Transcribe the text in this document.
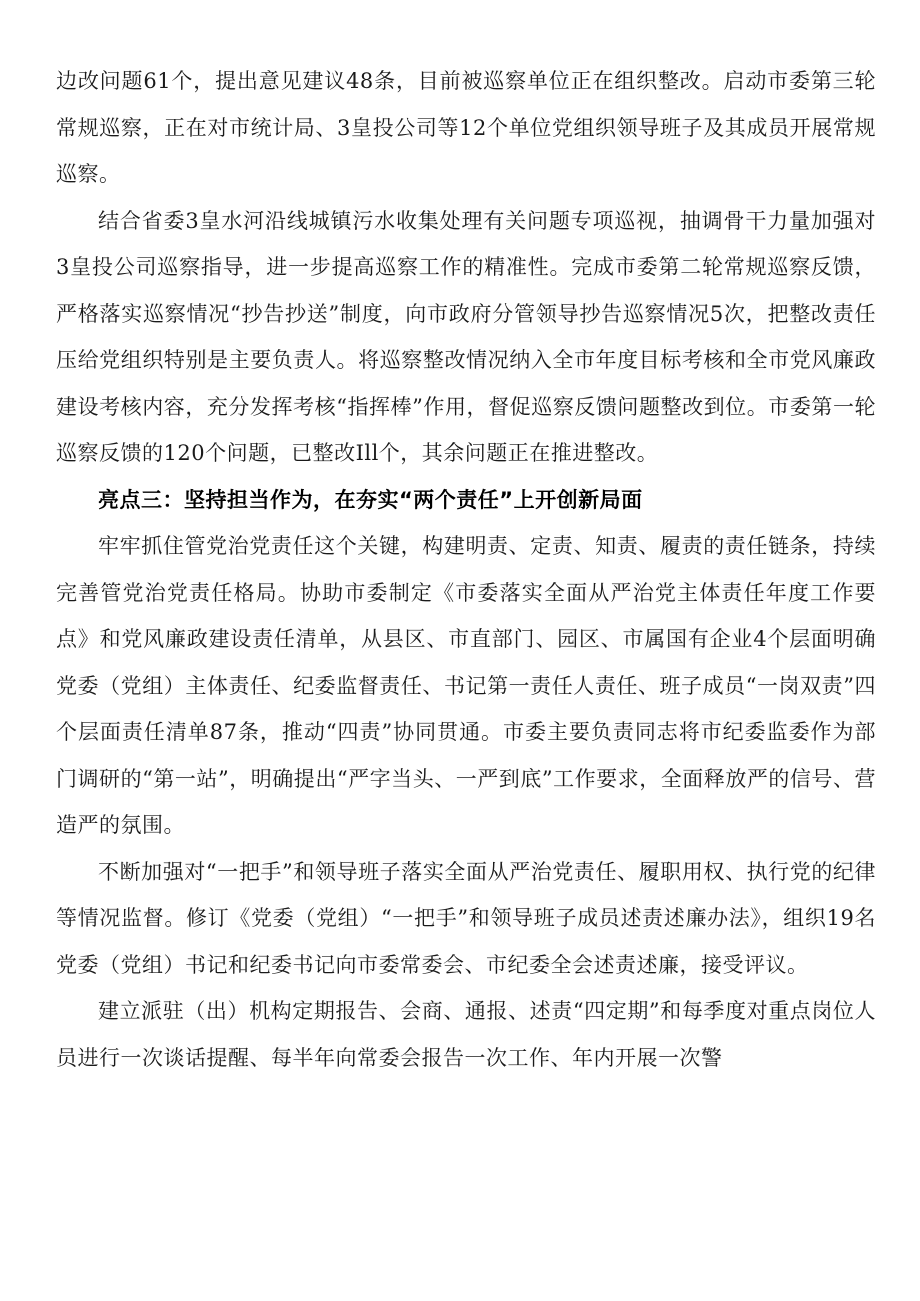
边改问题61个，提出意见建议48条，目前被巡察单位正在组织整改。启动市委第三轮常规巡察，正在对市统计局、3皇投公司等12个单位党组织领导班子及其成员开展常规巡察。

结合省委3皇水河沿线城镇污水收集处理有关问题专项巡视，抽调骨干力量加强对3皇投公司巡察指导，进一步提高巡察工作的精准性。完成市委第二轮常规巡察反馈，严格落实巡察情况“抄告抄送”制度，向市政府分管领导抄告巡察情况5次，把整改责任压给党组织特别是主要负责人。将巡察整改情况纳入全市年度目标考核和全市党风廉政建设考核内容，充分发挥考核“指挥棒”作用，督促巡察反馈问题整改到位。市委第一轮巡察反馈的120个问题，已整改Ill个，其余问题正在推进整改。

亮点三：坚持担当作为，在夯实“两个责任”上开创新局面

牢牢抓住管党治党责任这个关键，构建明责、定责、知责、履责的责任链条，持续完善管党治党责任格局。协助市委制定《市委落实全面从严治党主体责任年度工作要点》和党风廉政建设责任清单，从县区、市直部门、园区、市属国有企业4个层面明确党委（党组）主体责任、纪委监督责任、书记第一责任人责任、班子成员“一岗双责”四个层面责任清单87条，推动“四责”协同贯通。市委主要负责同志将市纪委监委作为部门调研的“第一站”，明确提出“严字当头、一严到底”工作要求，全面释放严的信号、营造严的氛围。

不断加强对“一把手”和领导班子落实全面从严治党责任、履职用权、执行党的纪律等情况监督。修订《党委（党组）“一把手”和领导班子成员述责述廉办法》，组织19名党委（党组）书记和纪委书记向市委常委会、市纪委全会述责述廉，接受评议。

建立派驻（出）机构定期报告、会商、通报、述责“四定期”和每季度对重点岗位人员进行一次谈话提醒、每半年向常委会报告一次工作、年内开展一次警
